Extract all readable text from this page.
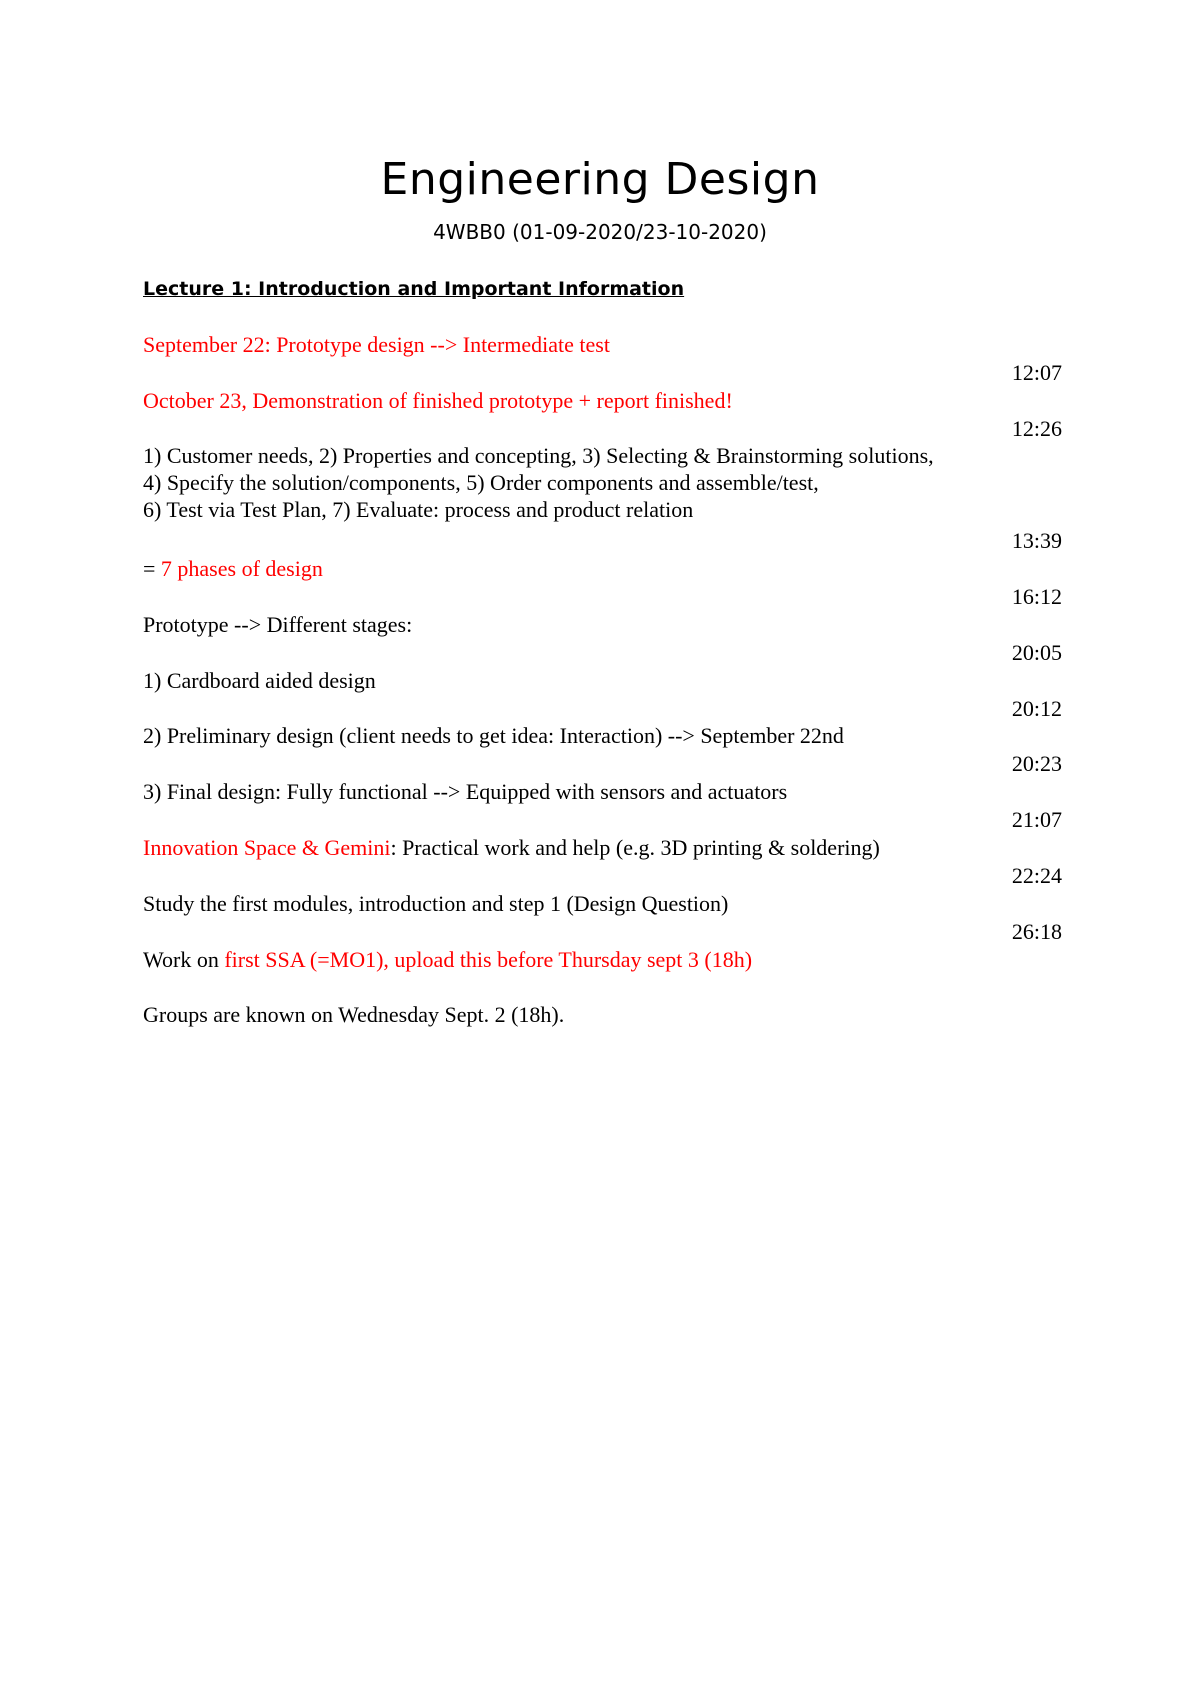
Engineering Design
4WBB0 (01-09-2020/23-10-2020)
Lecture 1: Introduction and Important Information
September 22: Prototype design --> Intermediate test
12:07
October 23, Demonstration of finished prototype + report finished!
12:26
1) Customer needs, 2) Properties and concepting, 3) Selecting & Brainstorming solutions,
4) Specify the solution/components, 5) Order components and assemble/test,
6) Test via Test Plan, 7) Evaluate: process and product relation
13:39
= 7 phases of design
16:12
Prototype --> Different stages:
20:05
1) Cardboard aided design
20:12
2) Preliminary design (client needs to get idea: Interaction) --> September 22nd
20:23
3) Final design: Fully functional --> Equipped with sensors and actuators
21:07
Innovation Space & Gemini: Practical work and help (e.g. 3D printing & soldering)
22:24
Study the first modules, introduction and step 1 (Design Question)
26:18
Work on first SSA (=MO1), upload this before Thursday sept 3 (18h)
Groups are known on Wednesday Sept. 2 (18h).
